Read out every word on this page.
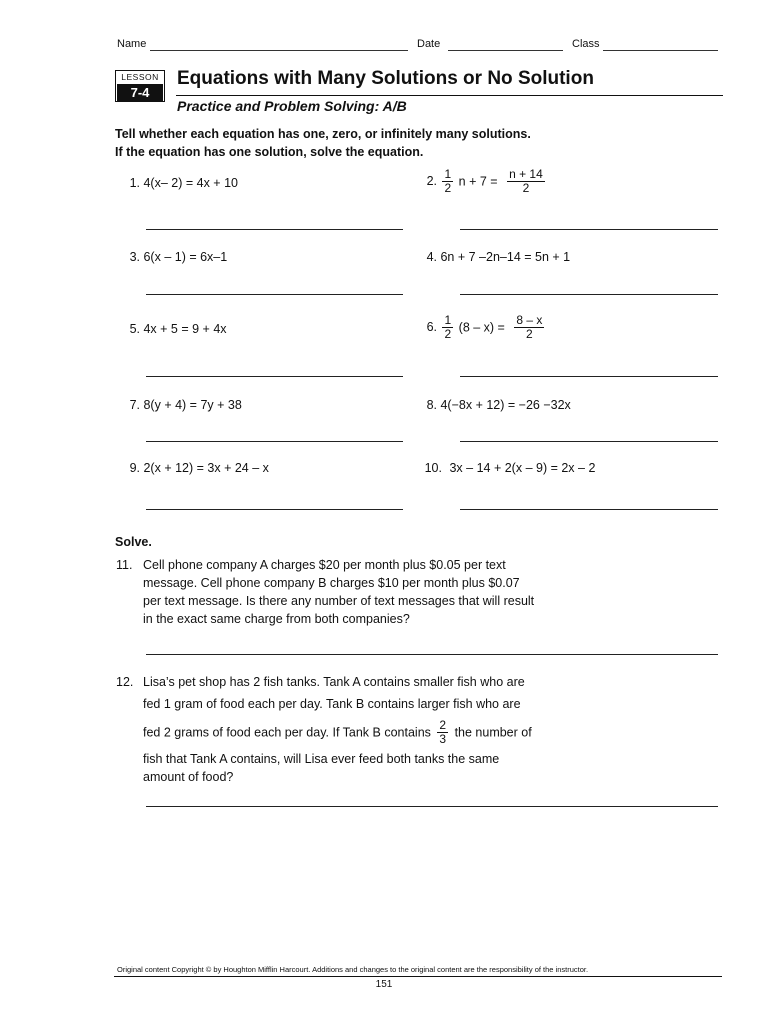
Name	Date	Class
LESSON
7-4
Equations with Many Solutions or No Solution
Practice and Problem Solving: A/B
Tell whether each equation has one, zero, or infinitely many solutions.
If the equation has one solution, solve the equation.
1. 4(x– 2) = 4x + 10	2. $\frac{1}{2}$ $n + 7 = \frac{n + 14}{2}$
3. 6(x – 1) = 6x–1	4. 6n + 7 –2n–14 = 5n + 1
5. 4x + 5 = 9 + 4x	6. $\frac{1}{2} (8 - x) = \frac{8 - x}{2}$
7. 8(y + 4) = 7y + 38	8. 4(−8x + 12) = −26 −32x
9. 2(x + 12) = 3x + 24 – x	10. 3x – 14 + 2(x – 9) = 2x – 2
Solve.
11. Cell phone company A charges $20 per month plus $0.05 per text
message. Cell phone company B charges $10 per month plus $0.07
per text message. Is there any number of text messages that will result
in the exact same charge from both companies?
12. Lisa’s pet shop has 2 fish tanks. Tank A contains smaller fish who are
fed 1 gram of food each per day. Tank B contains larger fish who are
fed 2 grams of food each per day. If Tank B contains $\frac{2}{3}$ the number of
fish that Tank A contains, will Lisa ever feed both tanks the same
amount of food?
Original content Copyright © by Houghton Mifflin Harcourt. Additions and changes to the original content are the responsibility of the instructor.
151
